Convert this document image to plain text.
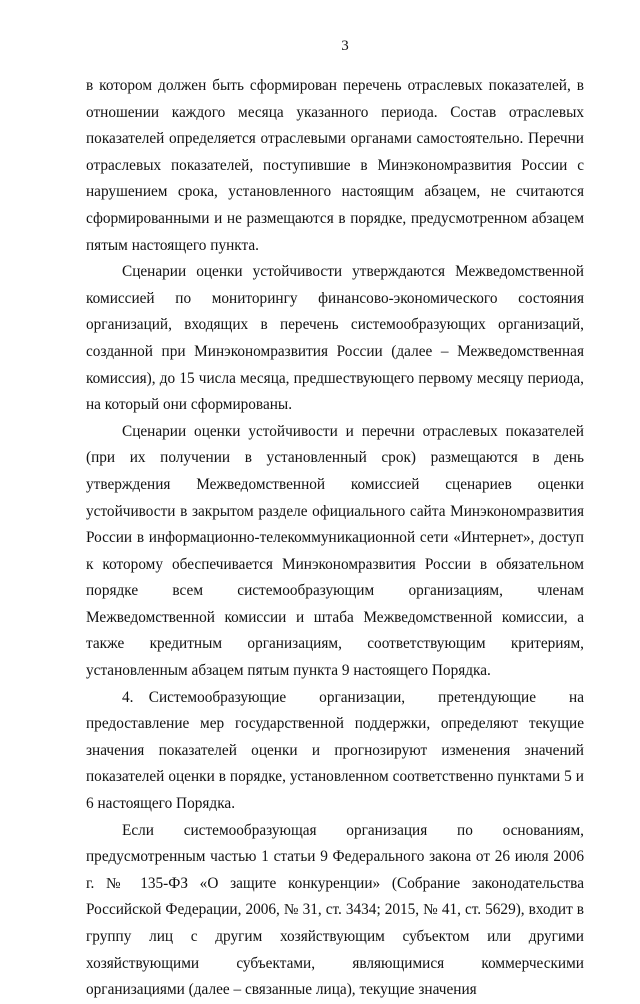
3

в котором должен быть сформирован перечень отраслевых показателей, в отношении каждого месяца указанного периода. Состав отраслевых показателей определяется отраслевыми органами самостоятельно. Перечни отраслевых показателей, поступившие в Минэкономразвития России с нарушением срока, установленного настоящим абзацем, не считаются сформированными и не размещаются в порядке, предусмотренном абзацем пятым настоящего пункта.

Сценарии оценки устойчивости утверждаются Межведомственной комиссией по мониторингу финансово-экономического состояния организаций, входящих в перечень системообразующих организаций, созданной при Минэкономразвития России (далее – Межведомственная комиссия), до 15 числа месяца, предшествующего первому месяцу периода, на который они сформированы.

Сценарии оценки устойчивости и перечни отраслевых показателей (при их получении в установленный срок) размещаются в день утверждения Межведомственной комиссией сценариев оценки устойчивости в закрытом разделе официального сайта Минэкономразвития России в информационно-телекоммуникационной сети «Интернет», доступ к которому обеспечивается Минэкономразвития России в обязательном порядке всем системообразующим организациям, членам Межведомственной комиссии и штаба Межведомственной комиссии, а также кредитным организациям, соответствующим критериям, установленным абзацем пятым пункта 9 настоящего Порядка.

4. Системообразующие организации, претендующие на предоставление мер государственной поддержки, определяют текущие значения показателей оценки и прогнозируют изменения значений показателей оценки в порядке, установленном соответственно пунктами 5 и 6 настоящего Порядка.

Если системообразующая организация по основаниям, предусмотренным частью 1 статьи 9 Федерального закона от 26 июля 2006 г. № 135-ФЗ «О защите конкуренции» (Собрание законодательства Российской Федерации, 2006, № 31, ст. 3434; 2015, № 41, ст. 5629), входит в группу лиц с другим хозяйствующим субъектом или другими хозяйствующими субъектами, являющимися коммерческими организациями (далее – связанные лица), текущие значения
